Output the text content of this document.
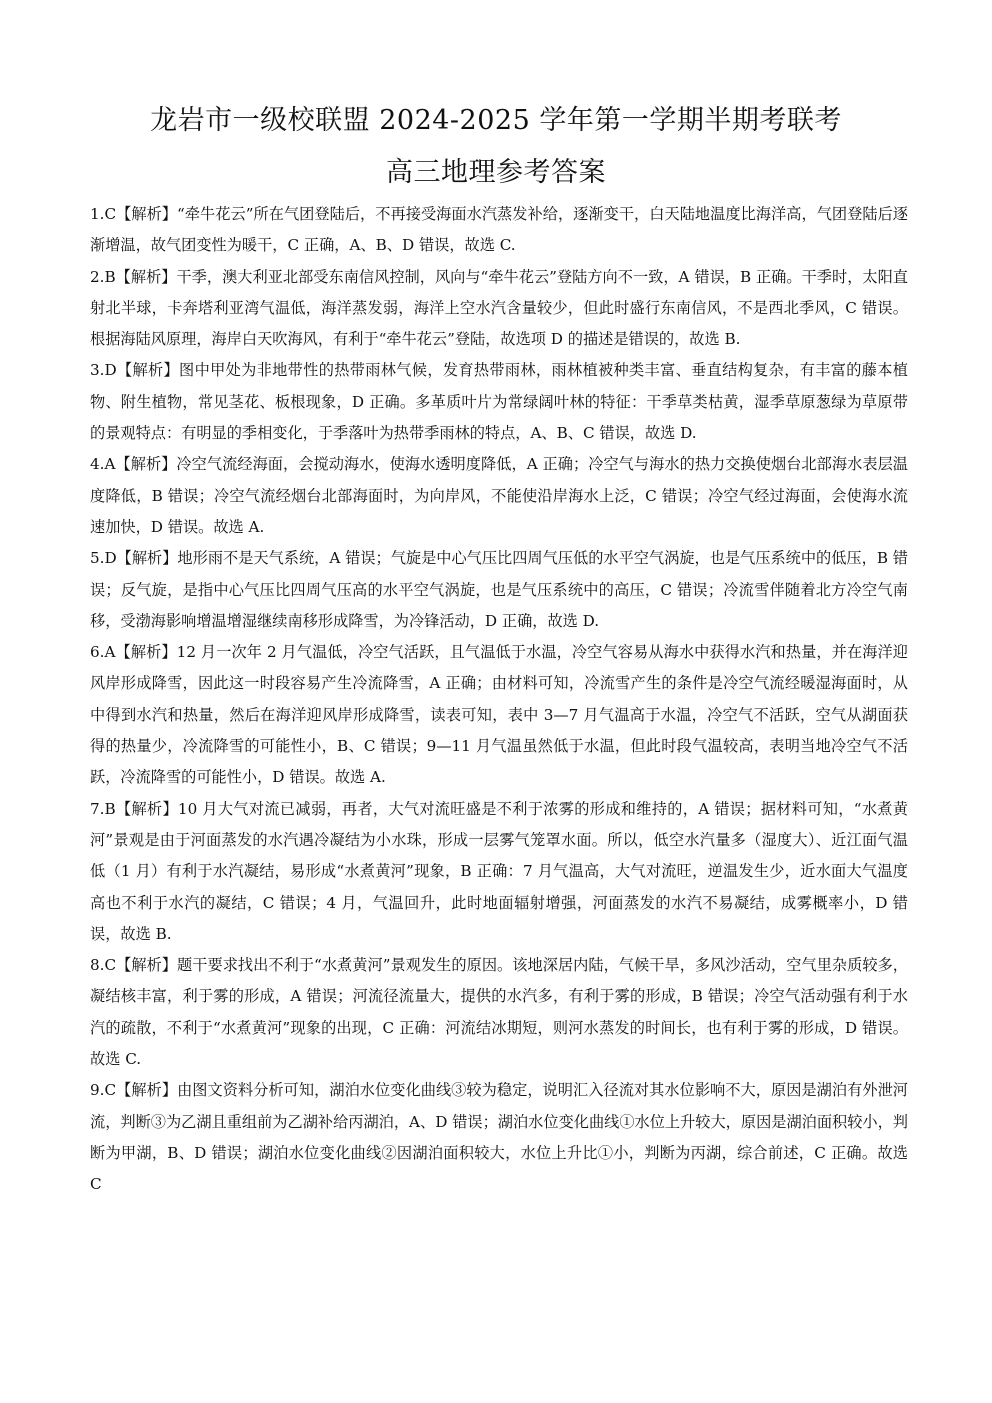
龙岩市一级校联盟 2024-2025 学年第一学期半期考联考
高三地理参考答案

1.C【解析】“牵牛花云”所在气团登陆后，不再接受海面水汽蒸发补给，逐渐变干，白天陆地温度比海洋高，气团登陆后逐渐增温，故气团变性为暖干，C 正确，A、B、D 错误，故选 C.

2.B【解析】干季，澳大利亚北部受东南信风控制，风向与“牵牛花云”登陆方向不一致，A 错误，B 正确。干季时，太阳直射北半球，卡奔塔利亚湾气温低，海洋蒸发弱，海洋上空水汽含量较少，但此时盛行东南信风，不是西北季风，C 错误。根据海陆风原理，海岸白天吹海风，有利于“牵牛花云”登陆，故选项 D 的描述是错误的，故选 B.

3.D【解析】图中甲处为非地带性的热带雨林气候，发育热带雨林，雨林植被种类丰富、垂直结构复杂，有丰富的藤本植物、附生植物，常见茎花、板根现象，D 正确。多革质叶片为常绿阔叶林的特征：干季草类枯黄，湿季草原葱绿为草原带的景观特点：有明显的季相变化，于季落叶为热带季雨林的特点，A、B、C 错误，故选 D.

4.A【解析】冷空气流经海面，会搅动海水，使海水透明度降低，A 正确；冷空气与海水的热力交换使烟台北部海水表层温度降低，B 错误；冷空气流经烟台北部海面时，为向岸风，不能使沿岸海水上泛，C 错误；冷空气经过海面，会使海水流速加快，D 错误。故选 A.

5.D【解析】地形雨不是天气系统，A 错误；气旋是中心气压比四周气压低的水平空气涡旋，也是气压系统中的低压，B 错误；反气旋，是指中心气压比四周气压高的水平空气涡旋，也是气压系统中的高压，C 错误；冷流雪伴随着北方冷空气南移，受渤海影响增温增湿继续南移形成降雪，为冷锋活动，D 正确，故选 D.

6.A【解析】12 月一次年 2 月气温低，冷空气活跃，且气温低于水温，冷空气容易从海水中获得水汽和热量，并在海洋迎风岸形成降雪，因此这一时段容易产生冷流降雪，A 正确；由材料可知，冷流雪产生的条件是冷空气流经暖湿海面时，从中得到水汽和热量，然后在海洋迎风岸形成降雪，读表可知，表中 3—7 月气温高于水温，冷空气不活跃，空气从湖面获得的热量少，冷流降雪的可能性小，B、C 错误；9—11 月气温虽然低于水温，但此时段气温较高，表明当地冷空气不活跃，冷流降雪的可能性小，D 错误。故选 A.

7.B【解析】10 月大气对流已减弱，再者，大气对流旺盛是不利于浓雾的形成和维持的，A 错误；据材料可知，“水煮黄河”景观是由于河面蒸发的水汽遇冷凝结为小水珠，形成一层雾气笼罩水面。所以，低空水汽量多（湿度大）、近江面气温低（1 月）有利于水汽凝结，易形成“水煮黄河”现象，B 正确：7 月气温高，大气对流旺，逆温发生少，近水面大气温度高也不利于水汽的凝结，C 错误；4 月，气温回升，此时地面辐射增强，河面蒸发的水汽不易凝结，成雾概率小，D 错误，故选 B.

8.C【解析】题干要求找出不利于“水煮黄河”景观发生的原因。该地深居内陆，气候干旱，多风沙活动，空气里杂质较多，凝结核丰富，利于雾的形成，A 错误；河流径流量大，提供的水汽多，有利于雾的形成，B 错误；冷空气活动强有利于水汽的疏散，不利于“水煮黄河”现象的出现，C 正确：河流结冰期短，则河水蒸发的时间长，也有利于雾的形成，D 错误。故选 C.

9.C【解析】由图文资料分析可知，湖泊水位变化曲线③较为稳定，说明汇入径流对其水位影响不大，原因是湖泊有外泄河流，判断③为乙湖且重组前为乙湖补给丙湖泊，A、D 错误；湖泊水位变化曲线①水位上升较大，原因是湖泊面积较小，判断为甲湖，B、D 错误；湖泊水位变化曲线②因湖泊面积较大，水位上升比①小，判断为丙湖，综合前述，C 正确。故选 C
